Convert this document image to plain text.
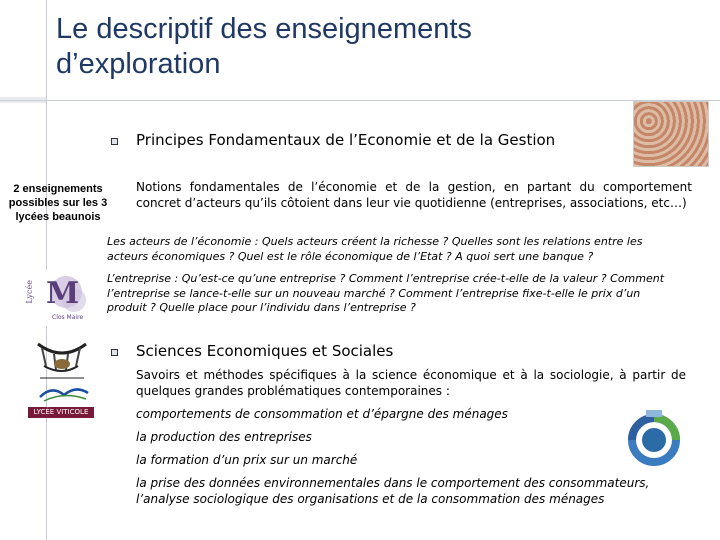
Le descriptif des enseignements d’exploration
2 enseignements possibles sur les 3 lycées beaunois
Lycée M
Clos Maire
LYCÉE VITICOLE
Principes Fondamentaux de l’Economie et de la Gestion
Notions fondamentales de l’économie et de la gestion, en partant du comportement concret d’acteurs qu’ils côtoient dans leur vie quotidienne (entreprises, associations, etc…)
Les acteurs de l’économie : Quels acteurs créent la richesse ? Quelles sont les relations entre les acteurs économiques ? Quel est le rôle économique de l’Etat ? A quoi sert une banque ?
L’entreprise : Qu’est-ce qu’une entreprise ? Comment l’entreprise crée-t-elle de la valeur ? Comment l’entreprise se lance-t-elle sur un nouveau marché ? Comment l’entreprise fixe-t-elle le prix d’un produit ? Quelle place pour l’individu dans l’entreprise ?
Sciences Economiques et Sociales
Savoirs et méthodes spécifiques à la science économique et à la sociologie, à partir de quelques grandes problématiques contemporaines :
comportements de consommation et d’épargne des ménages
la production des entreprises
la formation d’un prix sur un marché
la prise des données environnementales dans le comportement des consommateurs, l’analyse sociologique des organisations et de la consommation des ménages
